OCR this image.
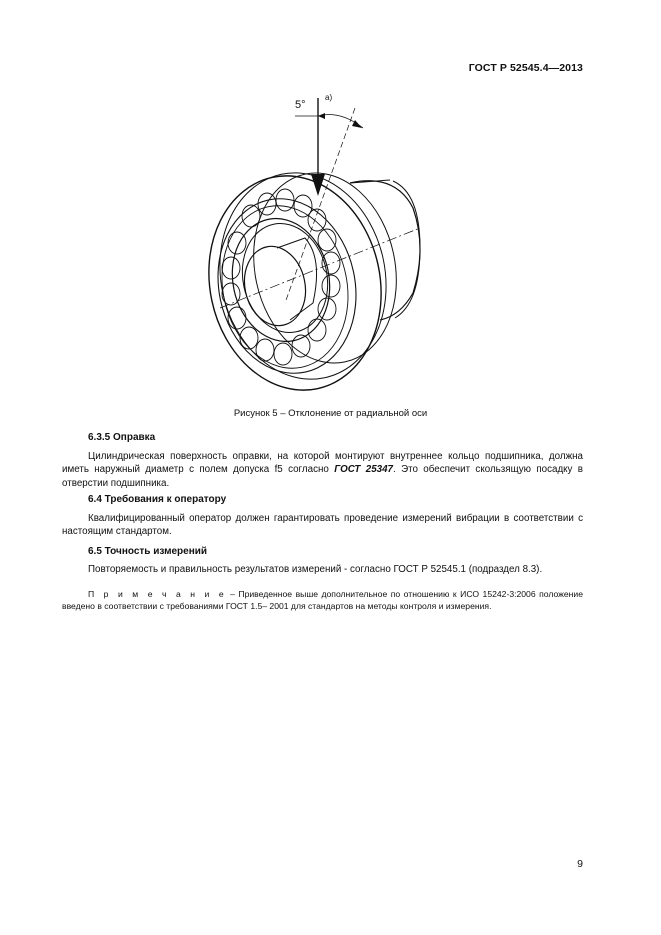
ГОСТ Р 52545.4—2013
5°
а)
Рисунок 5 – Отклонение от радиальной оси
6.3.5 Оправка
Цилиндрическая поверхность оправки, на которой монтируют внутреннее кольцо подшипника, должна иметь наружный диаметр с полем допуска f5 согласно ГОСТ 25347. Это обеспечит скользящую посадку в отверстии подшипника.
6.4 Требования к оператору
Квалифицированный оператор должен гарантировать проведение измерений вибрации в соответствии с настоящим стандартом.
6.5 Точность измерений
Повторяемость и правильность результатов измерений - согласно ГОСТ Р 52545.1 (подраздел 8.3).
П р и м е ч а н и е – Приведенное выше дополнительное по отношению к ИСО 15242-3:2006 положение введено в соответствии с требованиями ГОСТ 1.5– 2001 для стандартов на методы контроля и измерения.
9
